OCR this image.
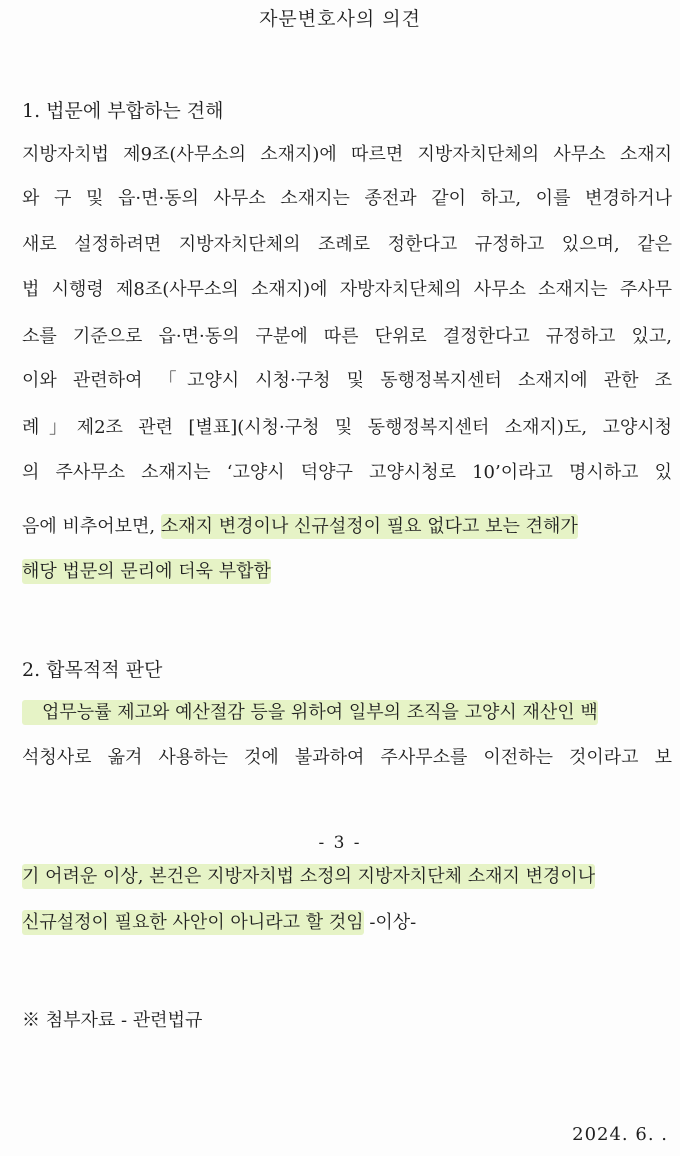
자문변호사의 의견
1. 법문에 부합하는 견해
지방자치법 제9조(사무소의 소재지)에 따르면 지방자치단체의 사무소 소재지
와 구 및 읍·면·동의 사무소 소재지는 종전과 같이 하고, 이를 변경하거나
새로 설정하려면 지방자치단체의 조례로 정한다고 규정하고 있으며, 같은
법 시행령 제8조(사무소의 소재지)에 자방자치단체의 사무소 소재지는 주사무
소를 기준으로 읍·면·동의 구분에 따른 단위로 결정한다고 규정하고 있고,
이와 관련하여 「고양시 시청·구청 및 동행정복지센터 소재지에 관한 조
례」제2조 관련 [별표](시청·구청 및 동행정복지센터 소재지)도, 고양시청
의 주사무소 소재지는 ‘고양시 덕양구 고양시청로 10’이라고 명시하고 있
음에 비추어보면, 소재지 변경이나 신규설정이 필요 없다고 보는 견해가
해당 법문의 문리에 더욱 부합함
2. 합목적적 판단
업무능률 제고와 예산절감 등을 위하여 일부의 조직을 고양시 재산인 백
석청사로 옮겨 사용하는 것에 불과하여 주사무소를 이전하는 것이라고 보
- 3 -
기 어려운 이상, 본건은 지방자치법 소정의 지방자치단체 소재지 변경이나
신규설정이 필요한 사안이 아니라고 할 것임 -이상-
※ 첨부자료 - 관련법규
2024. 6. .
